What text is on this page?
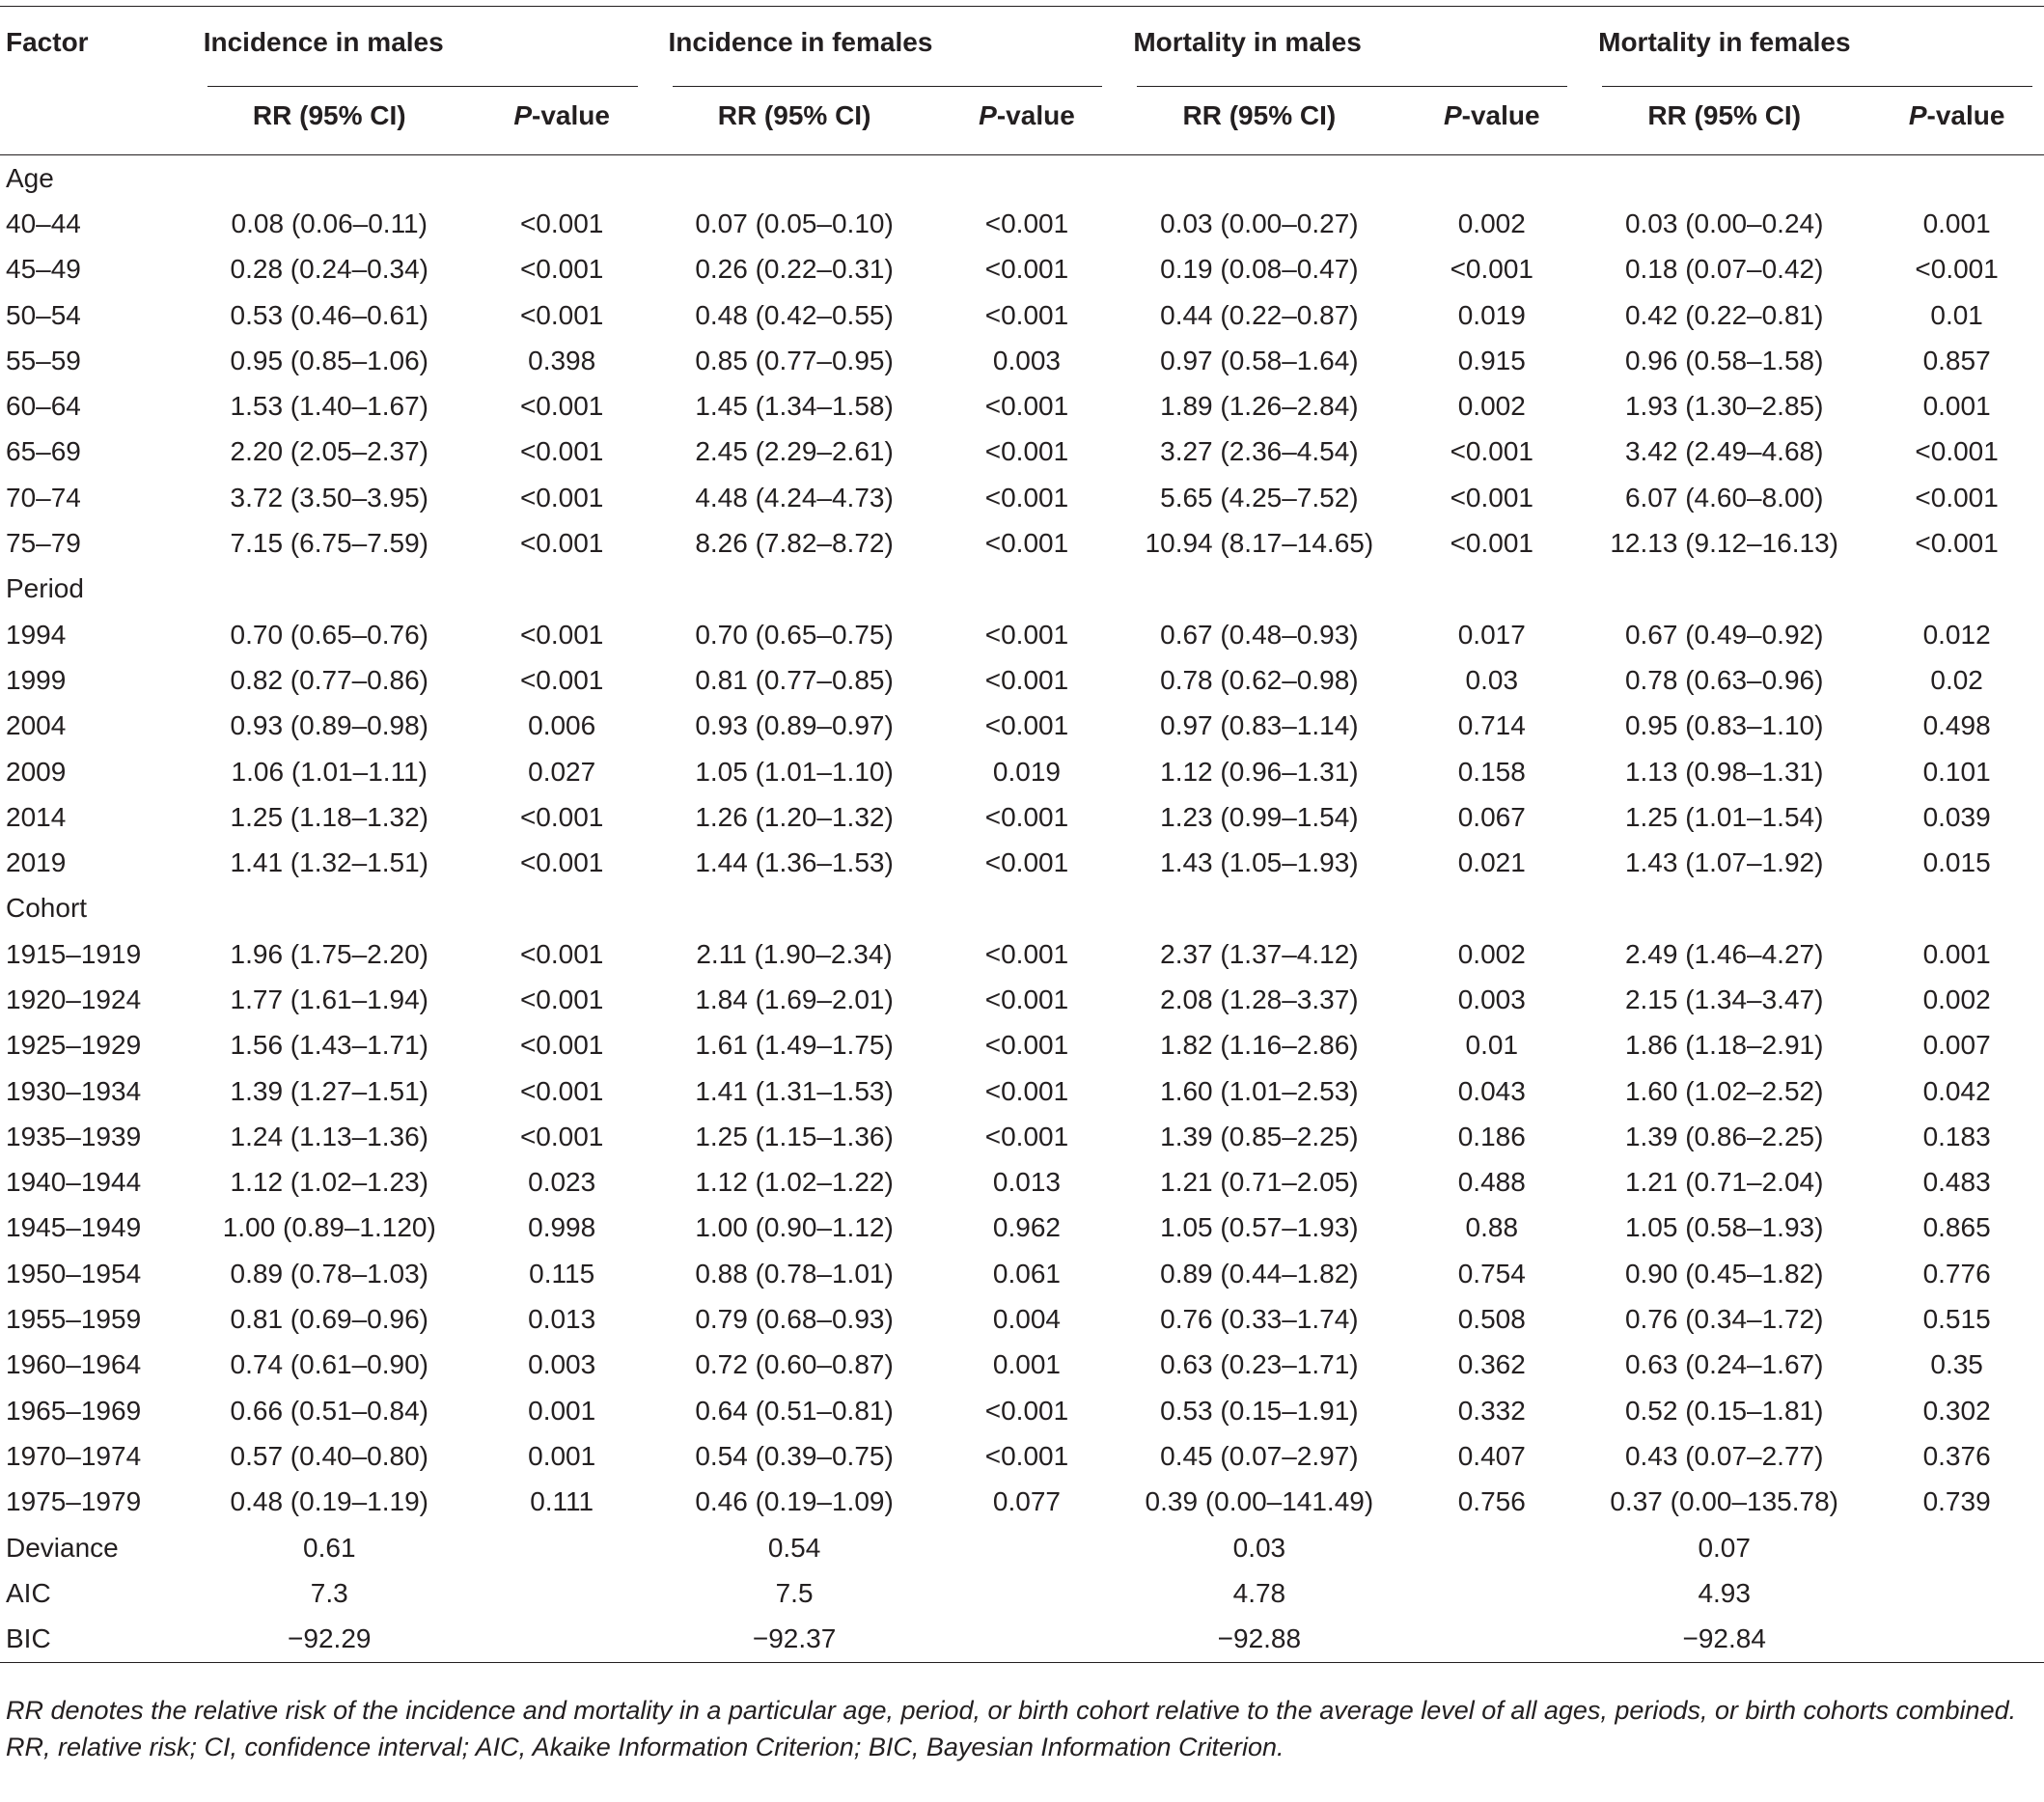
Factor	Incidence in males		Incidence in females		Mortality in males		Mortality in females	

	RR (95% CI)	P-value	RR (95% CI)	P-value	RR (95% CI)	P-value	RR (95% CI)	P-value
Age								
40–44	0.08 (0.06–0.11)	<0.001	0.07 (0.05–0.10)	<0.001	0.03 (0.00–0.27)	0.002	0.03 (0.00–0.24)	0.001
45–49	0.28 (0.24–0.34)	<0.001	0.26 (0.22–0.31)	<0.001	0.19 (0.08–0.47)	<0.001	0.18 (0.07–0.42)	<0.001
50–54	0.53 (0.46–0.61)	<0.001	0.48 (0.42–0.55)	<0.001	0.44 (0.22–0.87)	0.019	0.42 (0.22–0.81)	0.01
55–59	0.95 (0.85–1.06)	0.398	0.85 (0.77–0.95)	0.003	0.97 (0.58–1.64)	0.915	0.96 (0.58–1.58)	0.857
60–64	1.53 (1.40–1.67)	<0.001	1.45 (1.34–1.58)	<0.001	1.89 (1.26–2.84)	0.002	1.93 (1.30–2.85)	0.001
65–69	2.20 (2.05–2.37)	<0.001	2.45 (2.29–2.61)	<0.001	3.27 (2.36–4.54)	<0.001	3.42 (2.49–4.68)	<0.001
70–74	3.72 (3.50–3.95)	<0.001	4.48 (4.24–4.73)	<0.001	5.65 (4.25–7.52)	<0.001	6.07 (4.60–8.00)	<0.001
75–79	7.15 (6.75–7.59)	<0.001	8.26 (7.82–8.72)	<0.001	10.94 (8.17–14.65)	<0.001	12.13 (9.12–16.13)	<0.001
Period								
1994	0.70 (0.65–0.76)	<0.001	0.70 (0.65–0.75)	<0.001	0.67 (0.48–0.93)	0.017	0.67 (0.49–0.92)	0.012
1999	0.82 (0.77–0.86)	<0.001	0.81 (0.77–0.85)	<0.001	0.78 (0.62–0.98)	0.03	0.78 (0.63–0.96)	0.02
2004	0.93 (0.89–0.98)	0.006	0.93 (0.89–0.97)	<0.001	0.97 (0.83–1.14)	0.714	0.95 (0.83–1.10)	0.498
2009	1.06 (1.01–1.11)	0.027	1.05 (1.01–1.10)	0.019	1.12 (0.96–1.31)	0.158	1.13 (0.98–1.31)	0.101
2014	1.25 (1.18–1.32)	<0.001	1.26 (1.20–1.32)	<0.001	1.23 (0.99–1.54)	0.067	1.25 (1.01–1.54)	0.039
2019	1.41 (1.32–1.51)	<0.001	1.44 (1.36–1.53)	<0.001	1.43 (1.05–1.93)	0.021	1.43 (1.07–1.92)	0.015
Cohort								
1915–1919	1.96 (1.75–2.20)	<0.001	2.11 (1.90–2.34)	<0.001	2.37 (1.37–4.12)	0.002	2.49 (1.46–4.27)	0.001
1920–1924	1.77 (1.61–1.94)	<0.001	1.84 (1.69–2.01)	<0.001	2.08 (1.28–3.37)	0.003	2.15 (1.34–3.47)	0.002
1925–1929	1.56 (1.43–1.71)	<0.001	1.61 (1.49–1.75)	<0.001	1.82 (1.16–2.86)	0.01	1.86 (1.18–2.91)	0.007
1930–1934	1.39 (1.27–1.51)	<0.001	1.41 (1.31–1.53)	<0.001	1.60 (1.01–2.53)	0.043	1.60 (1.02–2.52)	0.042
1935–1939	1.24 (1.13–1.36)	<0.001	1.25 (1.15–1.36)	<0.001	1.39 (0.85–2.25)	0.186	1.39 (0.86–2.25)	0.183
1940–1944	1.12 (1.02–1.23)	0.023	1.12 (1.02–1.22)	0.013	1.21 (0.71–2.05)	0.488	1.21 (0.71–2.04)	0.483
1945–1949	1.00 (0.89–1.120)	0.998	1.00 (0.90–1.12)	0.962	1.05 (0.57–1.93)	0.88	1.05 (0.58–1.93)	0.865
1950–1954	0.89 (0.78–1.03)	0.115	0.88 (0.78–1.01)	0.061	0.89 (0.44–1.82)	0.754	0.90 (0.45–1.82)	0.776
1955–1959	0.81 (0.69–0.96)	0.013	0.79 (0.68–0.93)	0.004	0.76 (0.33–1.74)	0.508	0.76 (0.34–1.72)	0.515
1960–1964	0.74 (0.61–0.90)	0.003	0.72 (0.60–0.87)	0.001	0.63 (0.23–1.71)	0.362	0.63 (0.24–1.67)	0.35
1965–1969	0.66 (0.51–0.84)	0.001	0.64 (0.51–0.81)	<0.001	0.53 (0.15–1.91)	0.332	0.52 (0.15–1.81)	0.302
1970–1974	0.57 (0.40–0.80)	0.001	0.54 (0.39–0.75)	<0.001	0.45 (0.07–2.97)	0.407	0.43 (0.07–2.77)	0.376
1975–1979	0.48 (0.19–1.19)	0.111	0.46 (0.19–1.09)	0.077	0.39 (0.00–141.49)	0.756	0.37 (0.00–135.78)	0.739
Deviance	0.61		0.54		0.03		0.07	
AIC	7.3		7.5		4.78		4.93	
BIC	−92.29		−92.37		−92.88		−92.84	

RR denotes the relative risk of the incidence and mortality in a particular age, period, or birth cohort relative to the average level of all ages, periods, or birth cohorts combined.

RR, relative risk; CI, confidence interval; AIC, Akaike Information Criterion; BIC, Bayesian Information Criterion.
